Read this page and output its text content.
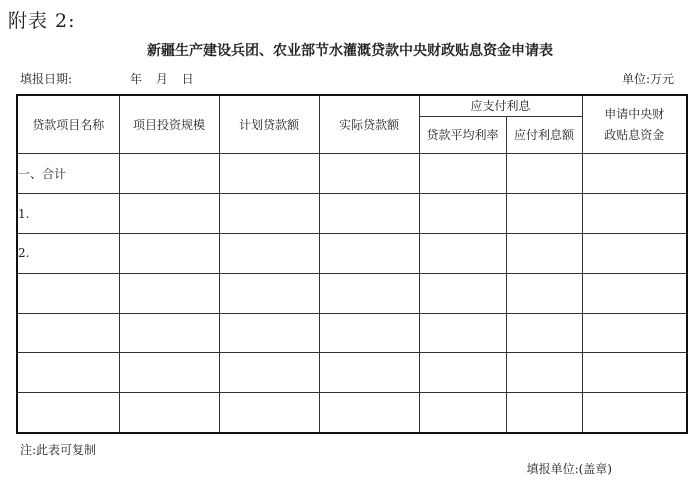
附表 2:
新疆生产建设兵团、农业部节水灌溉贷款中央财政贴息资金申请表
填报日期:	年 月 日	单位:万元
贷款项目名称	项目投资规模	计划贷款额	实际贷款额	应支付利息		申请中央财政贴息资金
				贷款平均利率	应付利息额	
一、合计						
1.						
2.						

注:此表可复制
填报单位:(盖章)
